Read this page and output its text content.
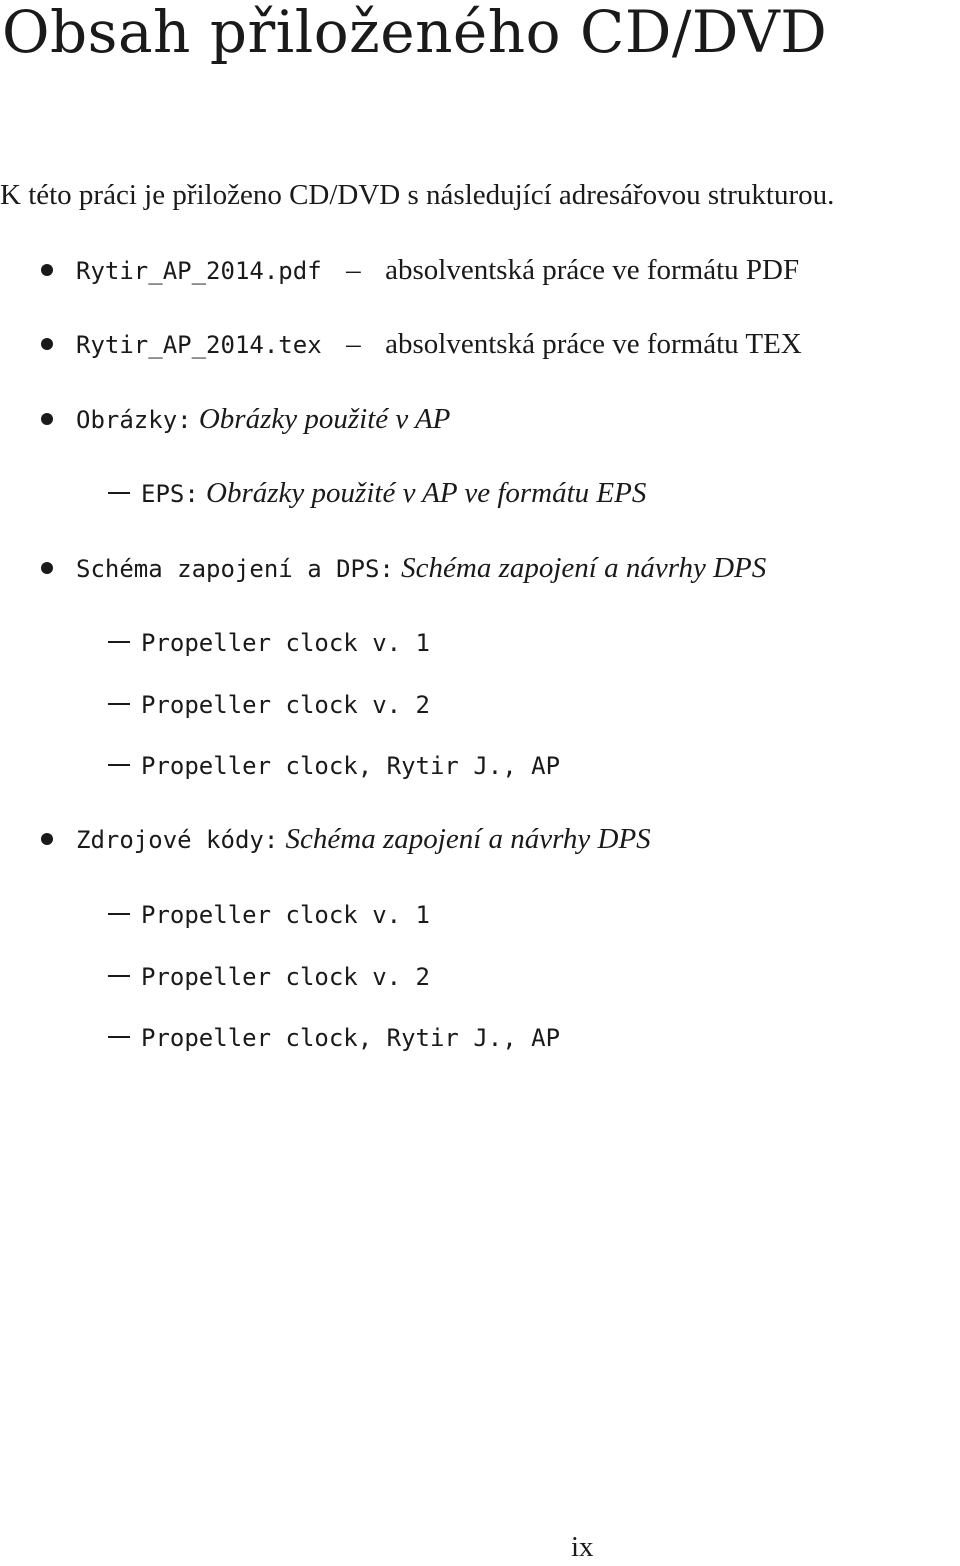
Obsah přiloženého CD/DVD
K této práci je přiloženo CD/DVD s následující adresářovou strukturou.
Rytir_AP_2014.pdf – absolventská práce ve formátu PDF
Rytir_AP_2014.tex – absolventská práce ve formátu TEX
Obrázky: Obrázky použité v AP
EPS: Obrázky použité v AP ve formátu EPS
Schéma zapojení a DPS: Schéma zapojení a návrhy DPS
Propeller clock v. 1
Propeller clock v. 2
Propeller clock, Rytir J., AP
Zdrojové kódy: Schéma zapojení a návrhy DPS
Propeller clock v. 1
Propeller clock v. 2
Propeller clock, Rytir J., AP
ix
